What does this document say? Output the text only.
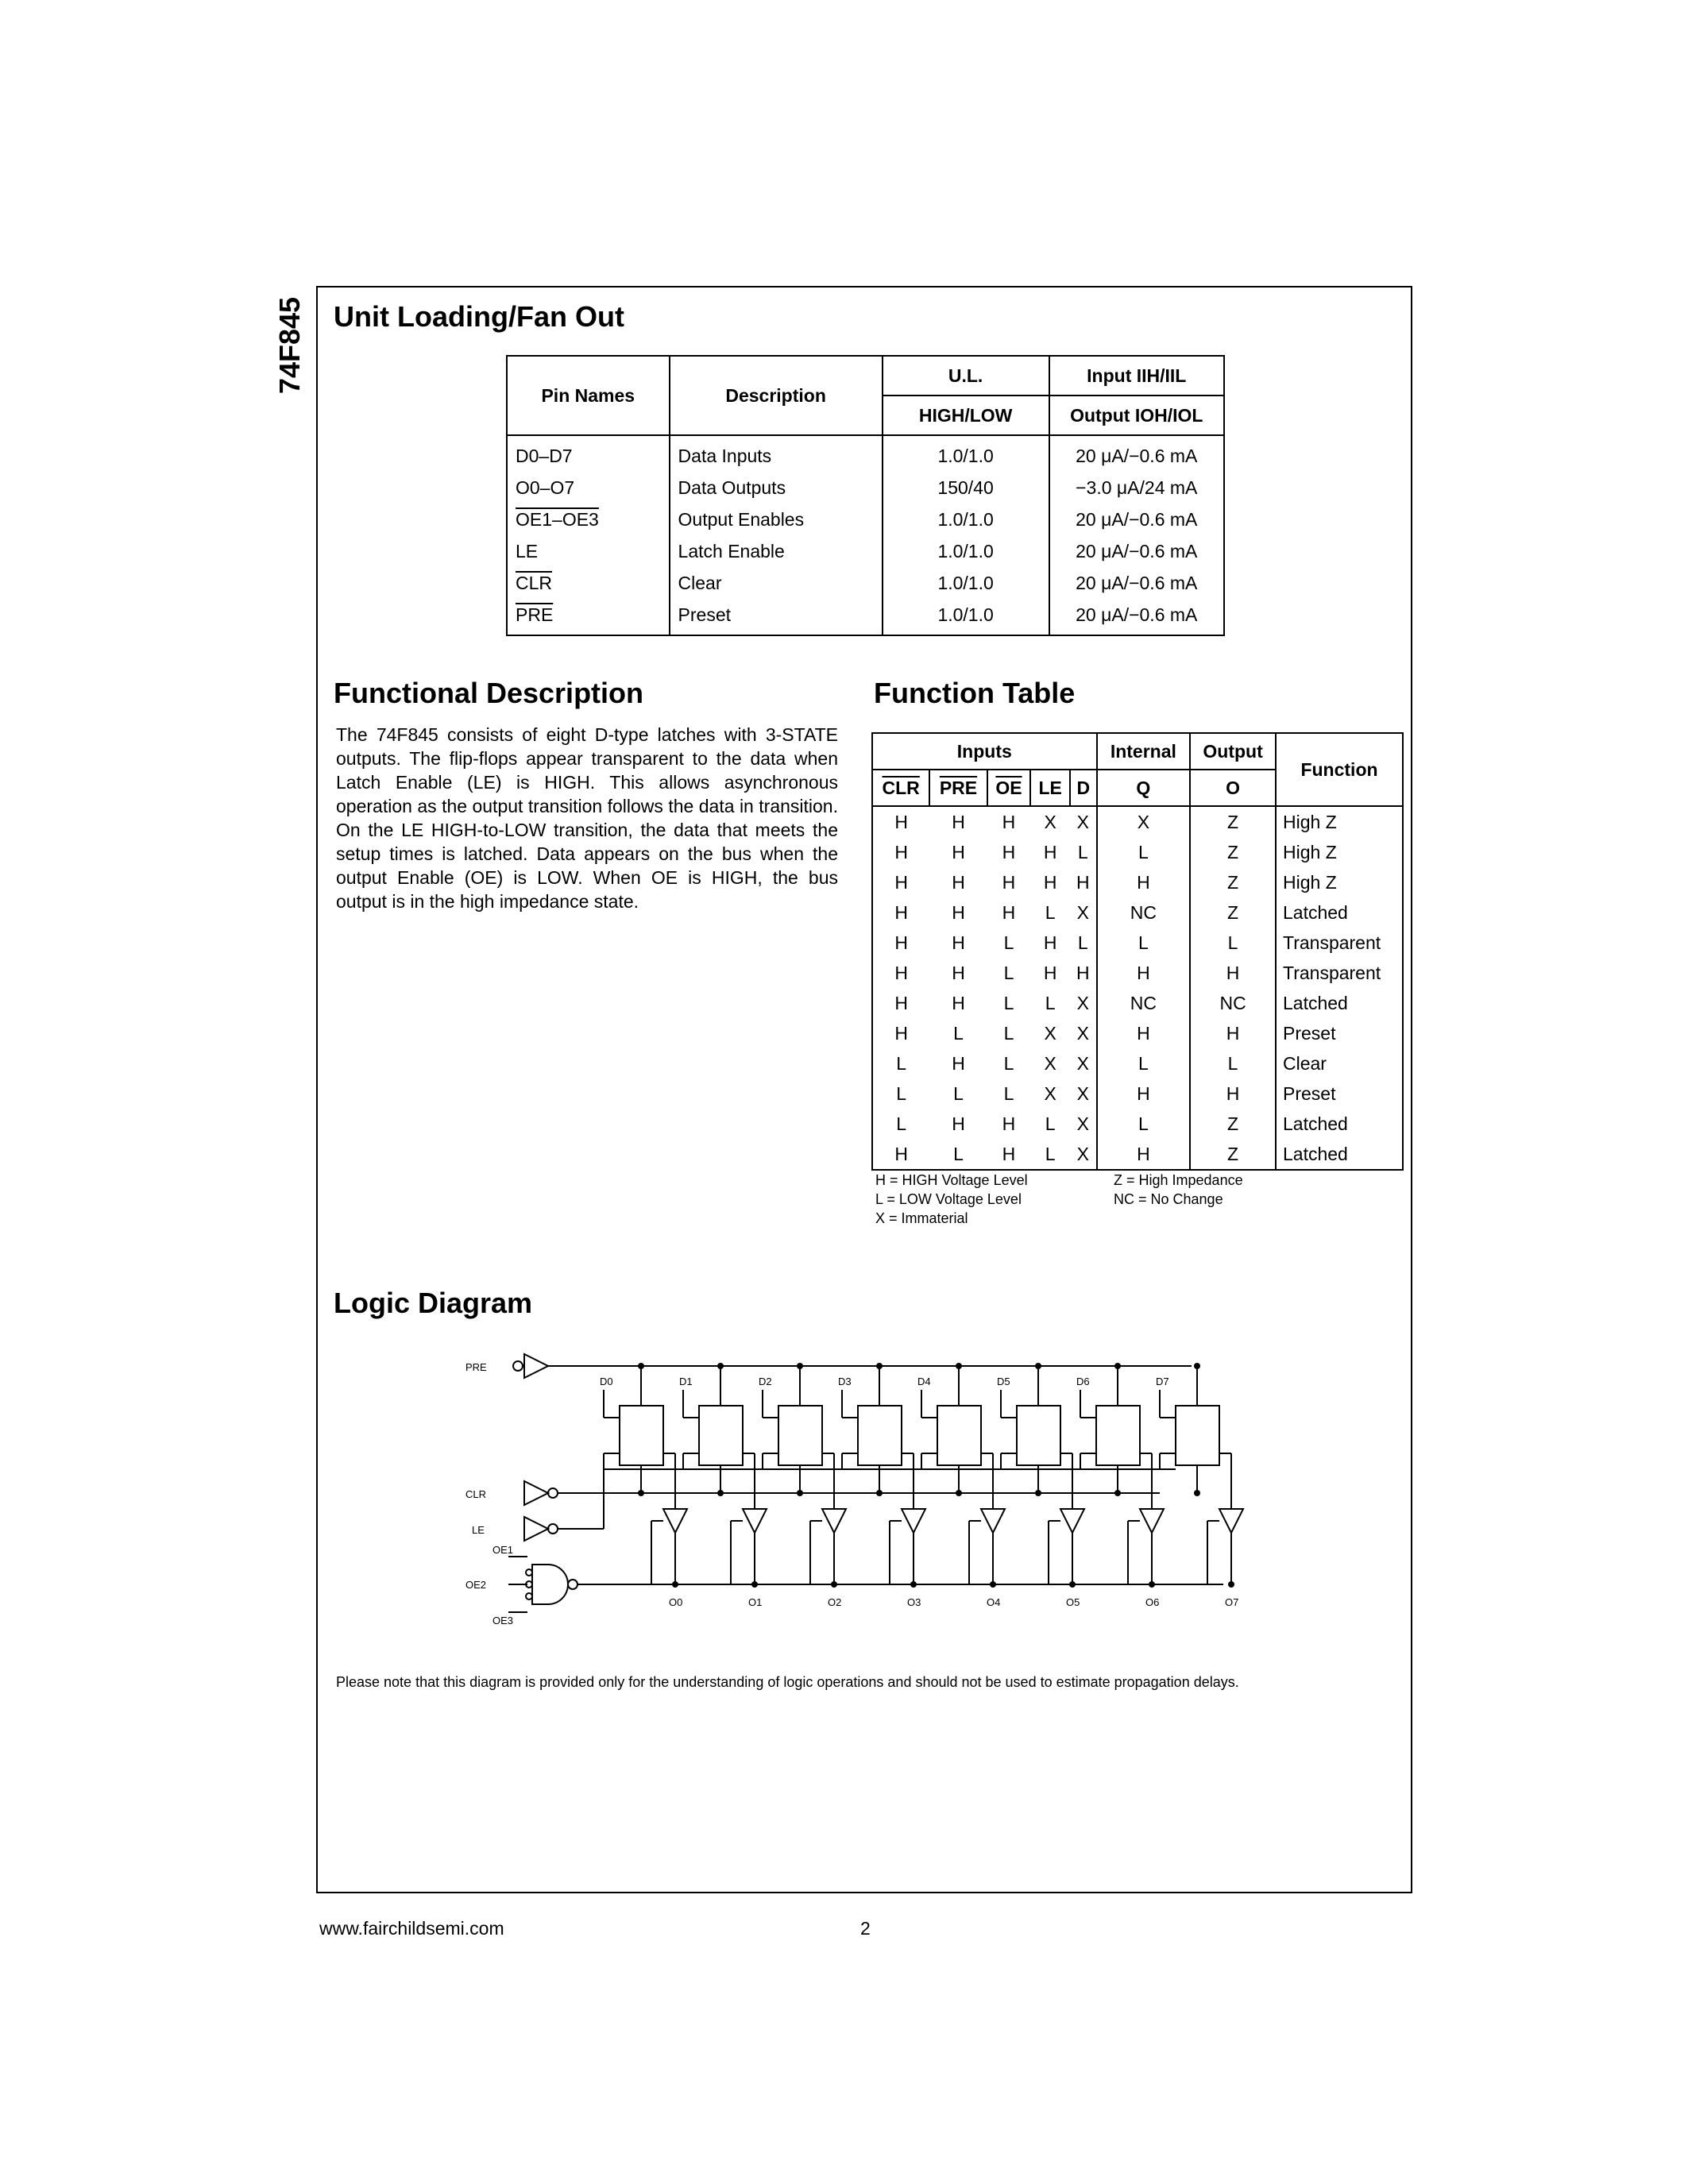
74F845 Unit Loading/Fan Out
Pin Names	Description	U.L.	Input IIH/IIL
		HIGH/LOW	Output IOH/IOL
D0–D7	Data Inputs	1.0/1.0	20 μA/−0.6 mA
O0–O7	Data Outputs	150/40	−3.0 μA/24 mA
OE1–OE3	Output Enables	1.0/1.0	20 μA/−0.6 mA
LE	Latch Enable	1.0/1.0	20 μA/−0.6 mA
$\overline{CLR}$	Clear	1.0/1.0	20 μA/−0.6 mA
$\overline{PRE}$	Preset	1.0/1.0	20 μA/−0.6 mA
Functional Description
The 74F845 consists of eight D-type latches with 3-STATE outputs. The flip-flops appear transparent to the data when Latch Enable (LE) is HIGH. This allows asynchronous operation as the output transition follows the data in transition. On the LE HIGH-to-LOW transition, the data that meets the setup times is latched. Data appears on the bus when the output Enable (OE) is LOW. When OE is HIGH, the bus output is in the high impedance state.
Function Table
Inputs					Internal	Output	Function
$\overline{CLR}$	$\overline{PRE}$	$\overline{OE}$	LE	D	Q	O	
H	H	H	X	X	X	Z	High Z
H	H	H	H	L	L	Z	High Z
H	H	H	H	H	H	Z	High Z
H	H	H	L	X	NC	Z	Latched
H	H	L	H	L	L	L	Transparent
H	H	L	H	H	H	H	Transparent
H	H	L	L	X	NC	NC	Latched
H	L	L	X	X	H	H	Preset
L	H	L	X	X	L	L	Clear
L	L	L	X	X	H	H	Preset
L	H	H	L	X	L	Z	Latched
H	L	H	L	X	H	Z	Latched
H = HIGH Voltage Level
L = LOW Voltage Level
X = Immaterial
Z = High Impedance
NC = No Change
Logic Diagram
PRE
CLR
LE
OE1
OE2
OE3
D0
O0
D1
O1
D2
O2
D3
O3
D4
O4
D5
O5
D6
O6
D7
O7
Please note that this diagram is provided only for the understanding of logic operations and should not be used to estimate propagation delays.
www.fairchildsemi.com	2
